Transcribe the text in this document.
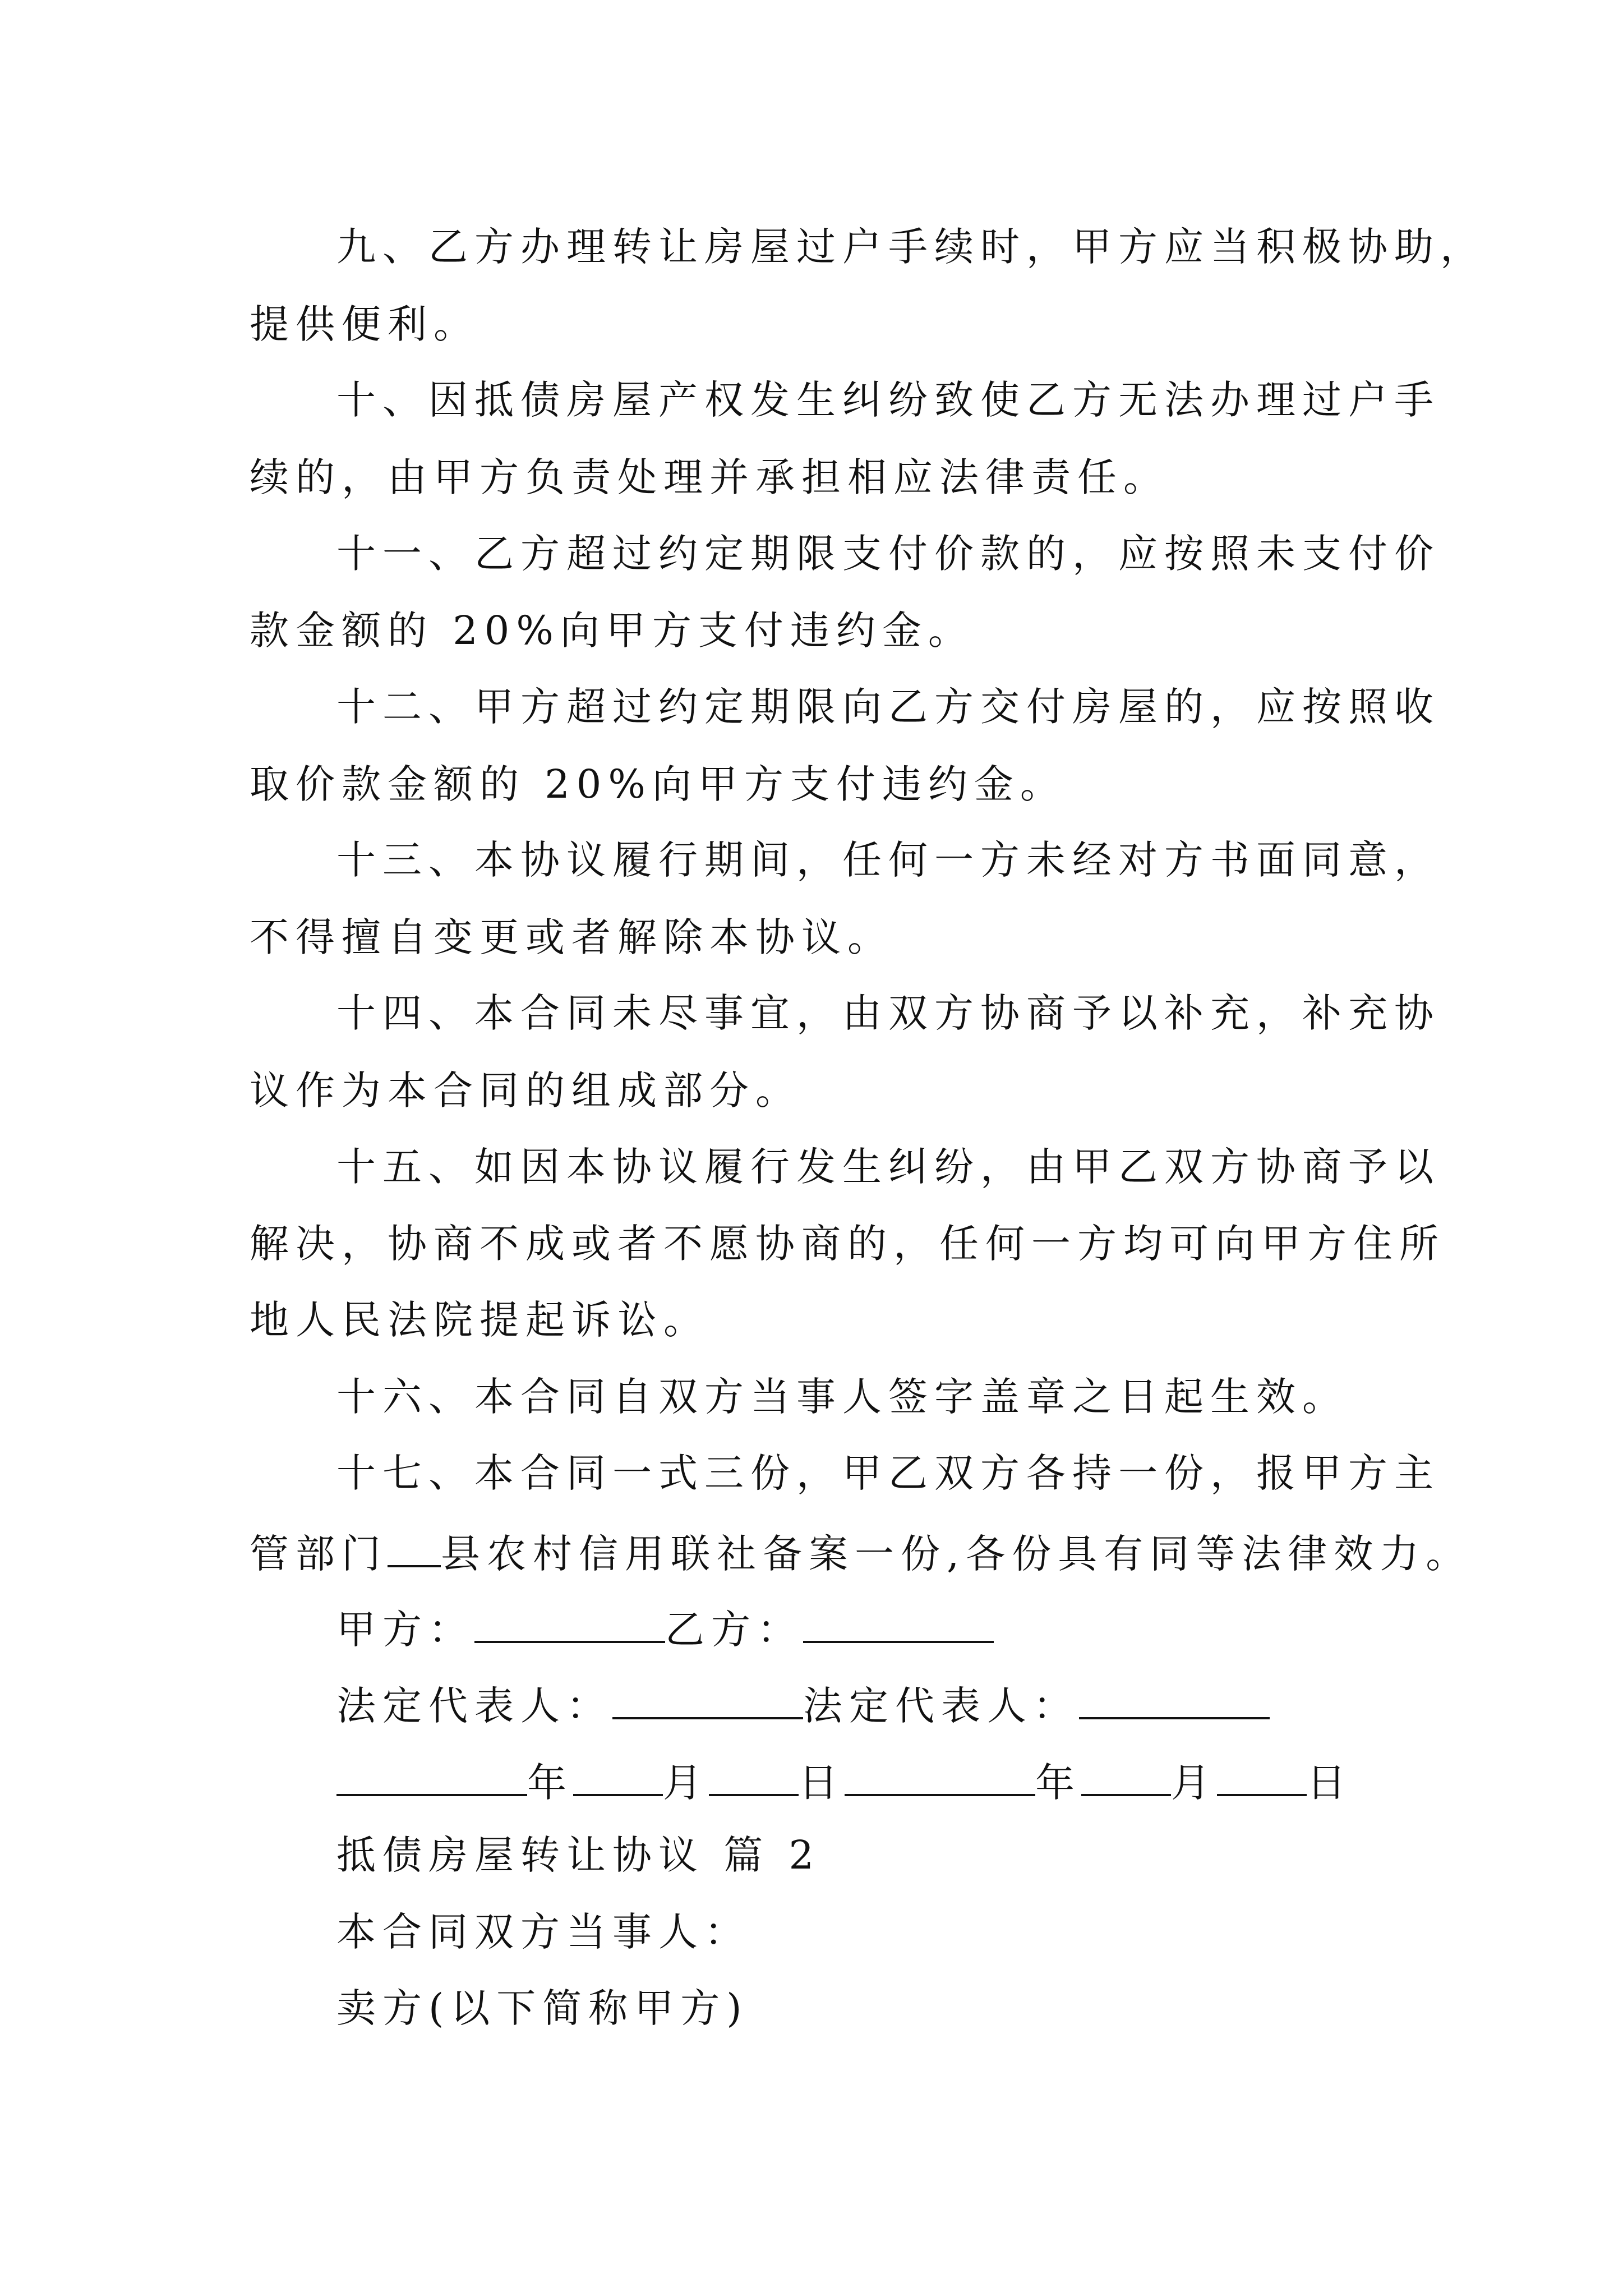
九、乙方办理转让房屋过户手续时，甲方应当积极协助，
提供便利。
十、因抵债房屋产权发生纠纷致使乙方无法办理过户手
续的，由甲方负责处理并承担相应法律责任。
十一、乙方超过约定期限支付价款的，应按照未支付价
款金额的 20%向甲方支付违约金。
十二、甲方超过约定期限向乙方交付房屋的，应按照收
取价款金额的 20%向甲方支付违约金。
十三、本协议履行期间，任何一方未经对方书面同意，
不得擅自变更或者解除本协议。
十四、本合同未尽事宜，由双方协商予以补充，补充协
议作为本合同的组成部分。
十五、如因本协议履行发生纠纷，由甲乙双方协商予以
解决，协商不成或者不愿协商的，任何一方均可向甲方住所
地人民法院提起诉讼。
十六、本合同自双方当事人签字盖章之日起生效。
十七、本合同一式三份，甲乙双方各持一份，报甲方主
管部门 县农村信用联社备案一份,各份具有同等法律效力。
甲方：	乙方：
法定代表人：	法定代表人：
年 月 日	年 月 日
抵债房屋转让协议 篇 2
本合同双方当事人：
卖方(以下简称甲方)
